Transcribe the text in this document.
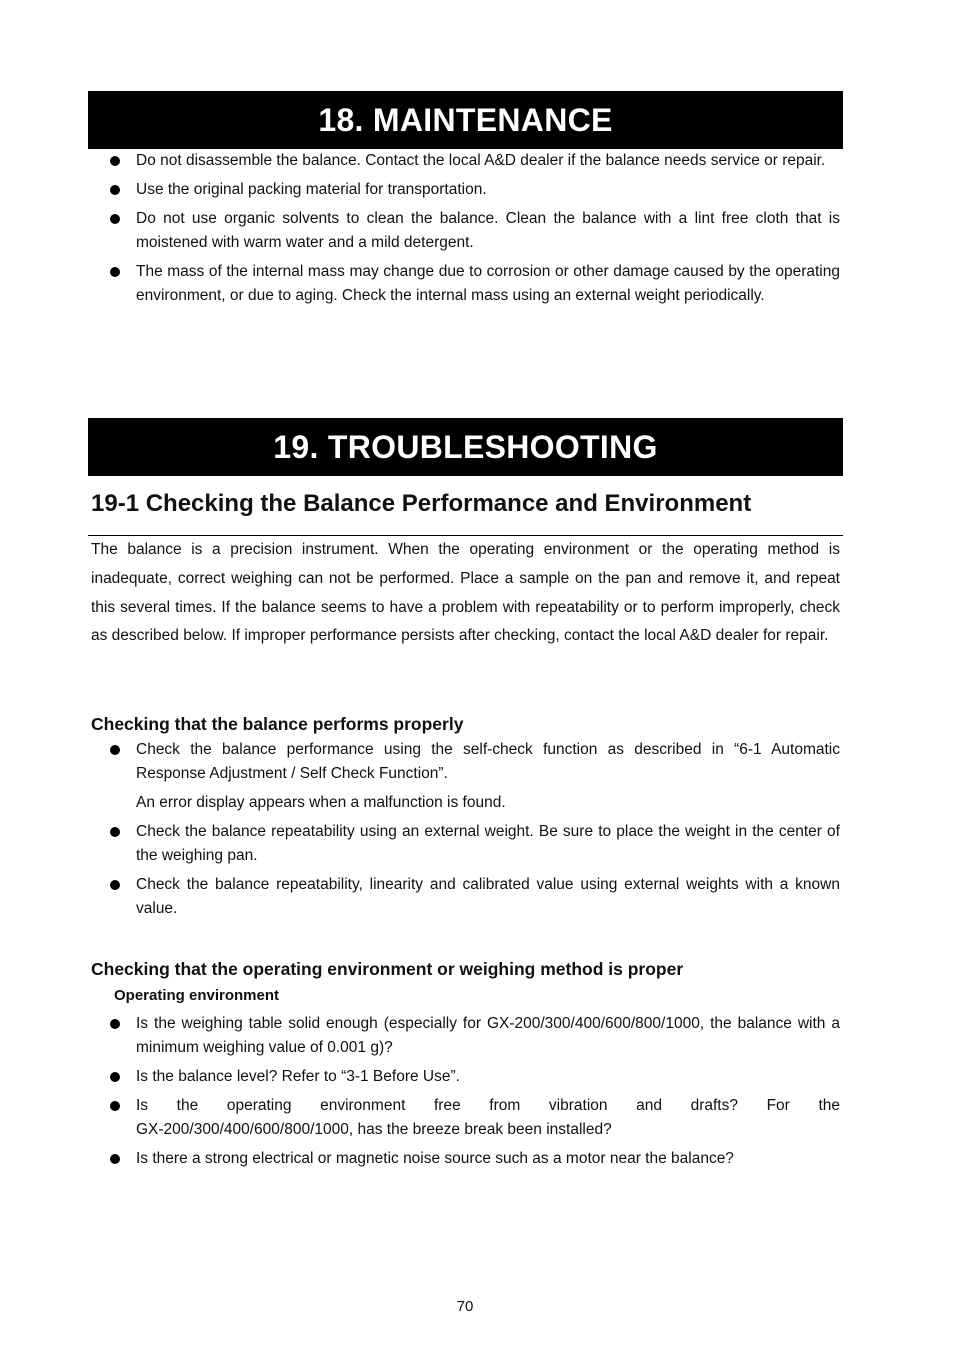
18. MAINTENANCE
Do not disassemble the balance. Contact the local A&D dealer if the balance needs service or repair.
Use the original packing material for transportation.
Do not use organic solvents to clean the balance. Clean the balance with a lint free cloth that is moistened with warm water and a mild detergent.
The mass of the internal mass may change due to corrosion or other damage caused by the operating environment, or due to aging. Check the internal mass using an external weight periodically.
19. TROUBLESHOOTING
19-1 Checking the Balance Performance and Environment

The balance is a precision instrument. When the operating environment or the operating method is inadequate, correct weighing can not be performed. Place a sample on the pan and remove it, and repeat this several times. If the balance seems to have a problem with repeatability or to perform improperly, check as described below. If improper performance persists after checking, contact the local A&D dealer for repair.

Checking that the balance performs properly
Check the balance performance using the self-check function as described in “6-1 Automatic Response Adjustment / Self Check Function”.
An error display appears when a malfunction is found.
Check the balance repeatability using an external weight. Be sure to place the weight in the center of the weighing pan.
Check the balance repeatability, linearity and calibrated value using external weights with a known value.
Checking that the operating environment or weighing method is proper
Operating environment
Is the weighing table solid enough (especially for GX-200/300/400/600/800/1000, the balance with a minimum weighing value of 0.001 g)?
Is the balance level? Refer to “3-1 Before Use”.
Is the operating environment free from vibration and drafts? For the
GX-200/300/400/600/800/1000, has the breeze break been installed?
Is there a strong electrical or magnetic noise source such as a motor near the balance?
70
